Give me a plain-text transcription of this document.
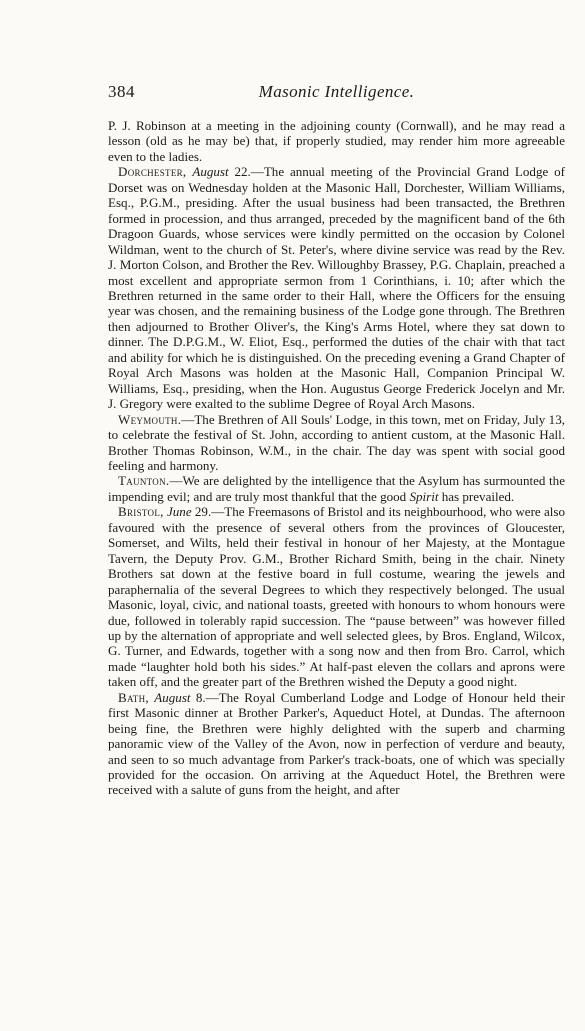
384	Masonic Intelligence.

P. J. Robinson at a meeting in the adjoining county (Cornwall), and he may read a lesson (old as he may be) that, if properly studied, may render him more agreeable even to the ladies.

Dorchester, August 22.—The annual meeting of the Provincial Grand Lodge of Dorset was on Wednesday holden at the Masonic Hall, Dorchester, William Williams, Esq., P.G.M., presiding. After the usual business had been transacted, the Brethren formed in procession, and thus arranged, preceded by the magnificent band of the 6th Dragoon Guards, whose services were kindly permitted on the occasion by Colonel Wildman, went to the church of St. Peter's, where divine service was read by the Rev. J. Morton Colson, and Brother the Rev. Willoughby Brassey, P.G. Chaplain, preached a most excellent and appropriate sermon from 1 Corinthians, i. 10; after which the Brethren returned in the same order to their Hall, where the Officers for the ensuing year was chosen, and the remaining business of the Lodge gone through. The Brethren then adjourned to Brother Oliver's, the King's Arms Hotel, where they sat down to dinner. The D.P.G.M., W. Eliot, Esq., performed the duties of the chair with that tact and ability for which he is distinguished. On the preceding evening a Grand Chapter of Royal Arch Masons was holden at the Masonic Hall, Companion Principal W. Williams, Esq., presiding, when the Hon. Augustus George Frederick Jocelyn and Mr. J. Gregory were exalted to the sublime Degree of Royal Arch Masons.

Weymouth.—The Brethren of All Souls' Lodge, in this town, met on Friday, July 13, to celebrate the festival of St. John, according to antient custom, at the Masonic Hall. Brother Thomas Robinson, W.M., in the chair. The day was spent with social good feeling and harmony.

Taunton.—We are delighted by the intelligence that the Asylum has surmounted the impending evil; and are truly most thankful that the good Spirit has prevailed.

Bristol, June 29.—The Freemasons of Bristol and its neighbourhood, who were also favoured with the presence of several others from the provinces of Gloucester, Somerset, and Wilts, held their festival in honour of her Majesty, at the Montague Tavern, the Deputy Prov. G.M., Brother Richard Smith, being in the chair. Ninety Brothers sat down at the festive board in full costume, wearing the jewels and paraphernalia of the several Degrees to which they respectively belonged. The usual Masonic, loyal, civic, and national toasts, greeted with honours to whom honours were due, followed in tolerably rapid succession. The “pause between” was however filled up by the alternation of appropriate and well selected glees, by Bros. England, Wilcox, G. Turner, and Edwards, together with a song now and then from Bro. Carrol, which made “laughter hold both his sides.” At half-past eleven the collars and aprons were taken off, and the greater part of the Brethren wished the Deputy a good night.

Bath, August 8.—The Royal Cumberland Lodge and Lodge of Honour held their first Masonic dinner at Brother Parker's, Aqueduct Hotel, at Dundas. The afternoon being fine, the Brethren were highly delighted with the superb and charming panoramic view of the Valley of the Avon, now in perfection of verdure and beauty, and seen to so much advantage from Parker's track-boats, one of which was specially provided for the occasion. On arriving at the Aqueduct Hotel, the Brethren were received with a salute of guns from the height, and after
